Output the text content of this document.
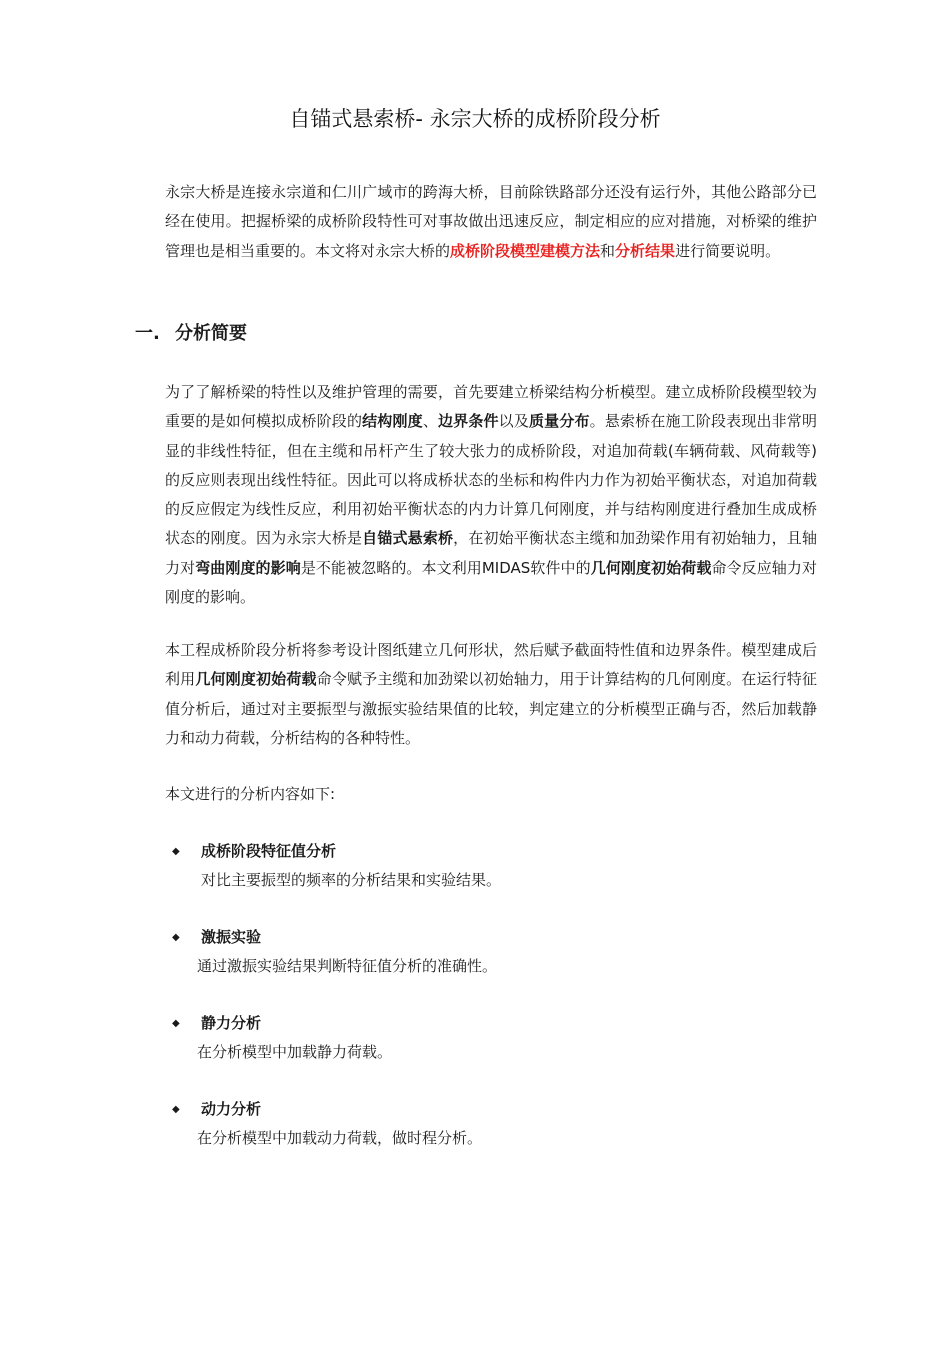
自锚式悬索桥- 永宗大桥的成桥阶段分析

永宗大桥是连接永宗道和仁川广域市的跨海大桥，目前除铁路部分还没有运行外，其他公路部分已经在使用。把握桥梁的成桥阶段特性可对事故做出迅速反应，制定相应的应对措施，对桥梁的维护管理也是相当重要的。本文将对永宗大桥的成桥阶段模型建模方法和分析结果进行简要说明。

一. 分析简要

为了了解桥梁的特性以及维护管理的需要，首先要建立桥梁结构分析模型。建立成桥阶段模型较为重要的是如何模拟成桥阶段的结构刚度、边界条件以及质量分布。悬索桥在施工阶段表现出非常明显的非线性特征，但在主缆和吊杆产生了较大张力的成桥阶段，对追加荷载(车辆荷载、风荷载等)的反应则表现出线性特征。因此可以将成桥状态的坐标和构件内力作为初始平衡状态，对追加荷载的反应假定为线性反应，利用初始平衡状态的内力计算几何刚度，并与结构刚度进行叠加生成成桥状态的刚度。因为永宗大桥是自锚式悬索桥，在初始平衡状态主缆和加劲梁作用有初始轴力，且轴力对弯曲刚度的影响是不能被忽略的。本文利用MIDAS软件中的几何刚度初始荷载命令反应轴力对刚度的影响。

本工程成桥阶段分析将参考设计图纸建立几何形状，然后赋予截面特性值和边界条件。模型建成后利用几何刚度初始荷载命令赋予主缆和加劲梁以初始轴力，用于计算结构的几何刚度。在运行特征值分析后，通过对主要振型与激振实验结果值的比较，判定建立的分析模型正确与否，然后加载静力和动力荷载，分析结构的各种特性。

本文进行的分析内容如下:

◆ 成桥阶段特征值分析
对比主要振型的频率的分析结果和实验结果。
◆ 激振实验
通过激振实验结果判断特征值分析的准确性。
◆ 静力分析
在分析模型中加载静力荷载。
◆ 动力分析
在分析模型中加载动力荷载，做时程分析。
